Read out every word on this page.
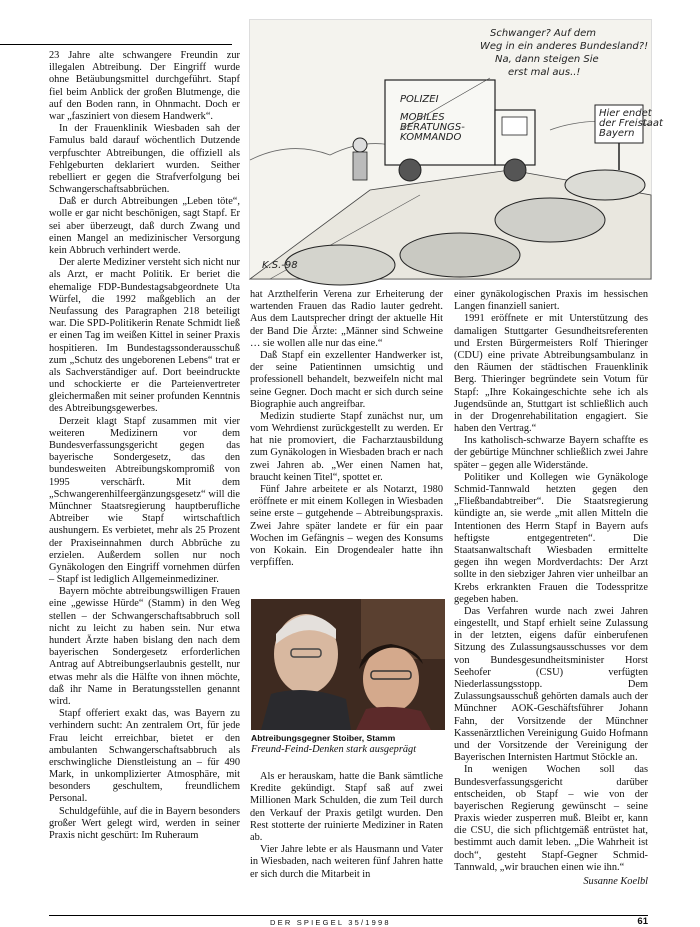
23 Jahre alte schwangere Freundin zur illegalen Abtreibung. Der Eingriff wurde ohne Betäubungsmittel durchgeführt. Stapf fiel beim Anblick der großen Blutmenge, die auf den Boden rann, in Ohnmacht. Doch er war „fasziniert von diesem Handwerk“.

In der Frauenklinik Wiesbaden sah der Famulus bald darauf wöchentlich Dutzende verpfuschter Abtreibungen, die offiziell als Fehlgeburten deklariert wurden. Seither rebelliert er gegen die Strafverfolgung bei Schwangerschaftsabbrüchen.

Daß er durch Abtreibungen „Leben töte“, wolle er gar nicht beschönigen, sagt Stapf. Er sei aber überzeugt, daß durch Zwang und einen Mangel an medizinischer Versorgung kein Abbruch verhindert werde.

Der alerte Mediziner versteht sich nicht nur als Arzt, er macht Politik. Er beriet die ehemalige FDP-Bundestagsabgeordnete Uta Würfel, die 1992 maßgeblich an der Neufassung des Paragraphen 218 beteiligt war. Die SPD-Politikerin Renate Schmidt ließ er einen Tag im weißen Kittel in seiner Praxis hospitieren. Im Bundestagssonderausschuß zum „Schutz des ungeborenen Lebens“ trat er als Sachverständiger auf. Dort beeindruckte und schockierte er die Parteienvertreter gleichermaßen mit seiner profunden Kenntnis des Abtreibungsgewerbes.

Derzeit klagt Stapf zusammen mit vier weiteren Medizinern vor dem Bundesverfassungsgericht gegen das bayerische Sondergesetz, das den bundesweiten Abtreibungskompromiß von 1995 verschärft. Mit dem „Schwangerenhilfeergänzungsgesetz“ will die Münchner Staatsregierung hauptberufliche Abtreiber wie Stapf wirtschaftlich aushungern. Es verbietet, mehr als 25 Prozent der Praxiseinnahmen durch Abbrüche zu erzielen. Außerdem sollen nur noch Gynäkologen den Eingriff vornehmen dürfen – Stapf ist lediglich Allgemeinmediziner.

Bayern möchte abtreibungswilligen Frauen eine „gewisse Hürde“ (Stamm) in den Weg stellen – der Schwangerschaftsabbruch soll nicht zu leicht zu haben sein. Nur etwa hundert Ärzte haben bislang den nach dem bayerischen Sondergesetz erforderlichen Antrag auf Abtreibungserlaubnis gestellt, nur etwas mehr als die Hälfte von ihnen möchte, daß ihr Name in Beratungsstellen genannt wird.

Stapf offeriert exakt das, was Bayern zu verhindern sucht: An zentralem Ort, für jede Frau leicht erreichbar, bietet er den ambulanten Schwangerschaftsabbruch als erschwingliche Dienstleistung an – für 490 Mark, in unkomplizierter Atmosphäre, mit besonders geschultem, freundlichem Personal.

Schuldgefühle, auf die in Bayern besonders großer Wert gelegt wird, werden in seiner Praxis nicht geschürt: Im Ruheraum

POLIZEI
MOBILES
BERATUNGS-
KOMMANDO
Hier endet
der Freistaat
Bayern
Schwanger? Auf dem
Weg in ein anderes Bundesland?!
Na, dann steigen Sie
erst mal aus..!
K.S.-98

hat Arzthelferin Verena zur Erheiterung der wartenden Frauen das Radio lauter gedreht. Aus dem Lautsprecher dringt der aktuelle Hit der Band Die Ärzte: „Männer sind Schweine … sie wollen alle nur das eine.“

Daß Stapf ein exzellenter Handwerker ist, der seine Patientinnen umsichtig und professionell behandelt, bezweifeln nicht mal seine Gegner. Doch macht er sich durch seine Biographie auch angreifbar.

Medizin studierte Stapf zunächst nur, um vom Wehrdienst zurückgestellt zu werden. Er hat nie promoviert, die Facharztausbildung zum Gynäkologen in Wiesbaden brach er nach zwei Jahren ab. „Wer einen Namen hat, braucht keinen Titel“, spottet er.

Fünf Jahre arbeitete er als Notarzt, 1980 eröffnete er mit einem Kollegen in Wiesbaden seine erste – gutgehende – Abtreibungspraxis. Zwei Jahre später landete er für ein paar Wochen im Gefängnis – wegen des Konsums von Kokain. Ein Drogendealer hatte ihn verpfiffen.

Abtreibungsgegner Stoiber, Stamm
Freund-Feind-Denken stark ausgeprägt

Als er herauskam, hatte die Bank sämtliche Kredite gekündigt. Stapf saß auf zwei Millionen Mark Schulden, die zum Teil durch den Verkauf der Praxis getilgt wurden. Den Rest stotterte der ruinierte Mediziner in Raten ab.

Vier Jahre lebte er als Hausmann und Vater in Wiesbaden, nach weiteren fünf Jahren hatte er sich durch die Mitarbeit in

einer gynäkologischen Praxis im hessischen Langen finanziell saniert.

1991 eröffnete er mit Unterstützung des damaligen Stuttgarter Gesundheitsreferenten und Ersten Bürgermeisters Rolf Thieringer (CDU) eine private Abtreibungsambulanz in den Räumen der städtischen Frauenklinik Berg. Thieringer begründete sein Votum für Stapf: „Ihre Kokaingeschichte sehe ich als Jugendsünde an, Stuttgart ist schließlich auch in der Drogenrehabilitation engagiert. Sie haben den Vertrag.“

Ins katholisch-schwarze Bayern schaffte es der gebürtige Münchner schließlich zwei Jahre später – gegen alle Widerstände.

Politiker und Kollegen wie Gynäkologe Schmid-Tannwald hetzten gegen den „Fließbandabtreiber“. Die Staatsregierung kündigte an, sie werde „mit allen Mitteln die Intentionen des Herrn Stapf in Bayern aufs heftigste entgegentreten“. Die Staatsanwaltschaft Wiesbaden ermittelte gegen ihn wegen Mordverdachts: Der Arzt sollte in den siebziger Jahren vier unheilbar an Krebs erkrankten Frauen die Todesspritze gegeben haben.

Das Verfahren wurde nach zwei Jahren eingestellt, und Stapf erhielt seine Zulassung in der letzten, eigens dafür einberufenen Sitzung des Zulassungsausschusses vor dem von Bundesgesundheitsminister Horst Seehofer (CSU) verfügten Niederlassungsstopp. Dem Zulassungsausschuß gehörten damals auch der Münchner AOK-Geschäftsführer Johann Fahn, der Vorsitzende der Münchner Kassenärztlichen Vereinigung Guido Hofmann und der Vorsitzende der Vereinigung der Bayerischen Internisten Hartmut Stöckle an.

In wenigen Wochen soll das Bundesverfassungsgericht darüber entscheiden, ob Stapf – wie von der bayerischen Regierung gewünscht – seine Praxis wieder zusperren muß. Bleibt er, kann die CSU, die sich pflichtgemäß entrüstet hat, bestimmt auch damit leben. „Die Wahrheit ist doch“, gesteht Stapf-Gegner Schmid-Tannwald, „wir brauchen einen wie ihn.“

Susanne Koelbl
DER SPIEGEL 35/1998	61
